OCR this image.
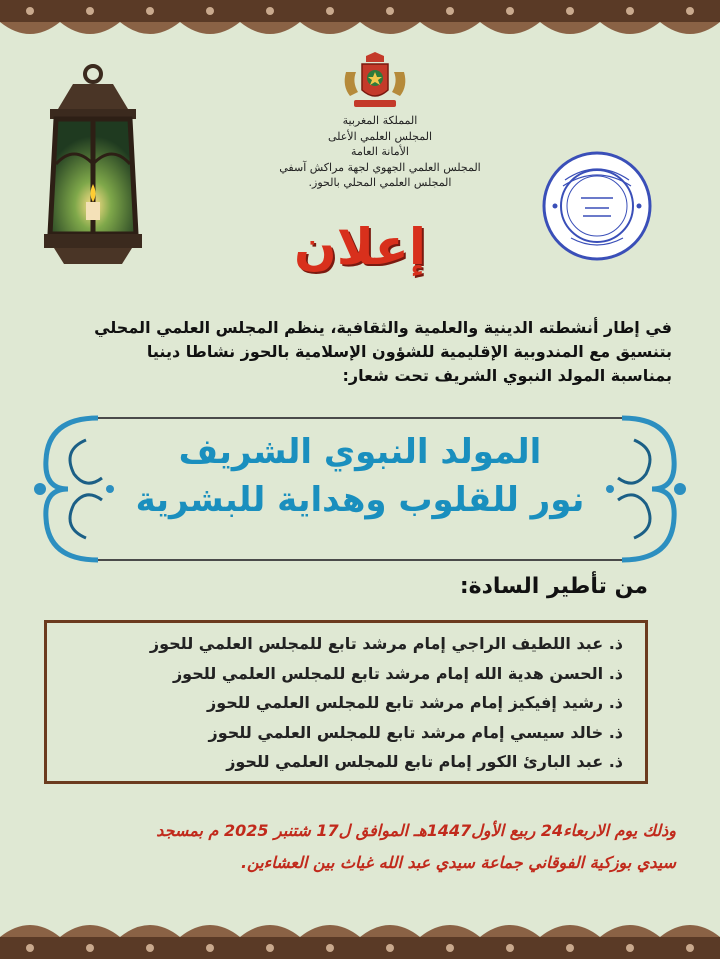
المملكة المغربية
المجلس العلمي الأعلى
الأمانة العامة
المجلس العلمي الجهوي لجهة مراكش آسفي
المجلس العلمي المحلي بالحوز.
إعلان
في إطار أنشطته الدينية والعلمية والثقافية، ينظم المجلس العلمي المحلي
بتنسيق مع المندوبية الإقليمية للشؤون الإسلامية بالحوز نشاطا دينيا
بمناسبة المولد النبوي الشريف تحت شعار:
المولد النبوي الشريف
نور للقلوب وهداية للبشرية
من تأطير السادة:
ذ. عبد اللطيف الراجي إمام مرشد تابع للمجلس العلمي للحوز
ذ. الحسن هدية الله إمام مرشد تابع للمجلس العلمي للحوز
ذ. رشيد إفيكيز إمام مرشد تابع للمجلس العلمي للحوز
ذ. خالد سيسي إمام مرشد تابع للمجلس العلمي للحوز
ذ. عبد البارئ الكور إمام تابع للمجلس العلمي للحوز
وذلك يوم الاربعاء24 ربيع الأول1447هـ الموافق ل17 شتنبر 2025 م بمسجد
سيدي بوزكية الفوقاني جماعة سيدي عبد الله غياث بين العشاءين.
